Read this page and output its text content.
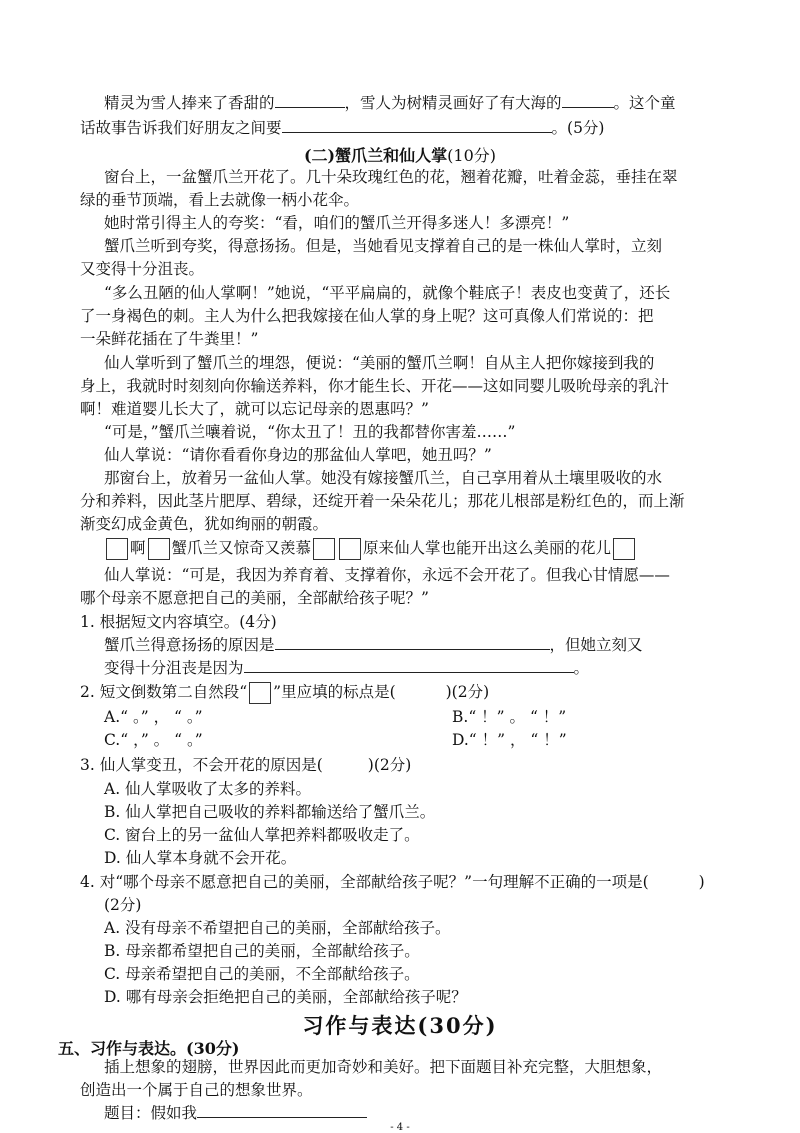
精灵为雪人捧来了香甜的	，雪人为树精灵画好了有大海的	。这个童
话故事告诉我们好朋友之间要	。(5分)
(二)蟹爪兰和仙人掌(10分)
窗台上，一盆蟹爪兰开花了。几十朵玫瑰红色的花，翘着花瓣，吐着金蕊，垂挂在翠
绿的垂节顶端，看上去就像一柄小花伞。
她时常引得主人的夸奖：“看，咱们的蟹爪兰开得多迷人！多漂亮！”
蟹爪兰听到夸奖，得意扬扬。但是，当她看见支撑着自己的是一株仙人掌时，立刻
又变得十分沮丧。
“多么丑陋的仙人掌啊！”她说，“平平扁扁的，就像个鞋底子！表皮也变黄了，还长
了一身褐色的刺。主人为什么把我嫁接在仙人掌的身上呢？这可真像人们常说的：把
一朵鲜花插在了牛粪里！”
仙人掌听到了蟹爪兰的埋怨，便说：“美丽的蟹爪兰啊！自从主人把你嫁接到我的
身上，我就时时刻刻向你输送养料，你才能生长、开花——这如同婴儿吸吮母亲的乳汁
啊！难道婴儿长大了，就可以忘记母亲的恩惠吗？”
“可是，”蟹爪兰嚷着说，“你太丑了！丑的我都替你害羞……”
仙人掌说：“请你看看你身边的那盆仙人掌吧，她丑吗？”
那窗台上，放着另一盆仙人掌。她没有嫁接蟹爪兰，自己享用着从土壤里吸收的水
分和养料，因此茎片肥厚、碧绿，还绽开着一朵朵花儿；那花儿根部是粉红色的，而上渐
渐变幻成金黄色，犹如绚丽的朝霞。
啊 蟹爪兰又惊奇又羡慕	原来仙人掌也能开出这么美丽的花儿
仙人掌说：“可是，我因为养育着、支撑着你，永远不会开花了。但我心甘情愿——
哪个母亲不愿意把自己的美丽，全部献给孩子呢？”
1. 根据短文内容填空。(4分)
蟹爪兰得意扬扬的原因是	，但她立刻又
变得十分沮丧是因为	。
2. 短文倒数第二自然段“ ”里应填的标点是(	)(2分)
A.“ 。” ， “ 。”	B.“ ！” 。 “ ！”
C.“ ，” 。 “ 。”	D.“ ！” ， “ ！”
3. 仙人掌变丑，不会开花的原因是(	)(2分)
A. 仙人掌吸收了太多的养料。
B. 仙人掌把自己吸收的养料都输送给了蟹爪兰。
C. 窗台上的另一盆仙人掌把养料都吸收走了。
D. 仙人掌本身就不会开花。
4. 对“哪个母亲不愿意把自己的美丽，全部献给孩子呢？”一句理解不正确的一项是(	)
(2分)
A. 没有母亲不希望把自己的美丽，全部献给孩子。
B. 母亲都希望把自己的美丽，全部献给孩子。
C. 母亲希望把自己的美丽，不全部献给孩子。
D. 哪有母亲会拒绝把自己的美丽，全部献给孩子呢？
习作与表达(30分)
五、习作与表达。(30分)
插上想象的翅膀，世界因此而更加奇妙和美好。把下面题目补充完整，大胆想象，
创造出一个属于自己的想象世界。
题目：假如我
- 4 -
